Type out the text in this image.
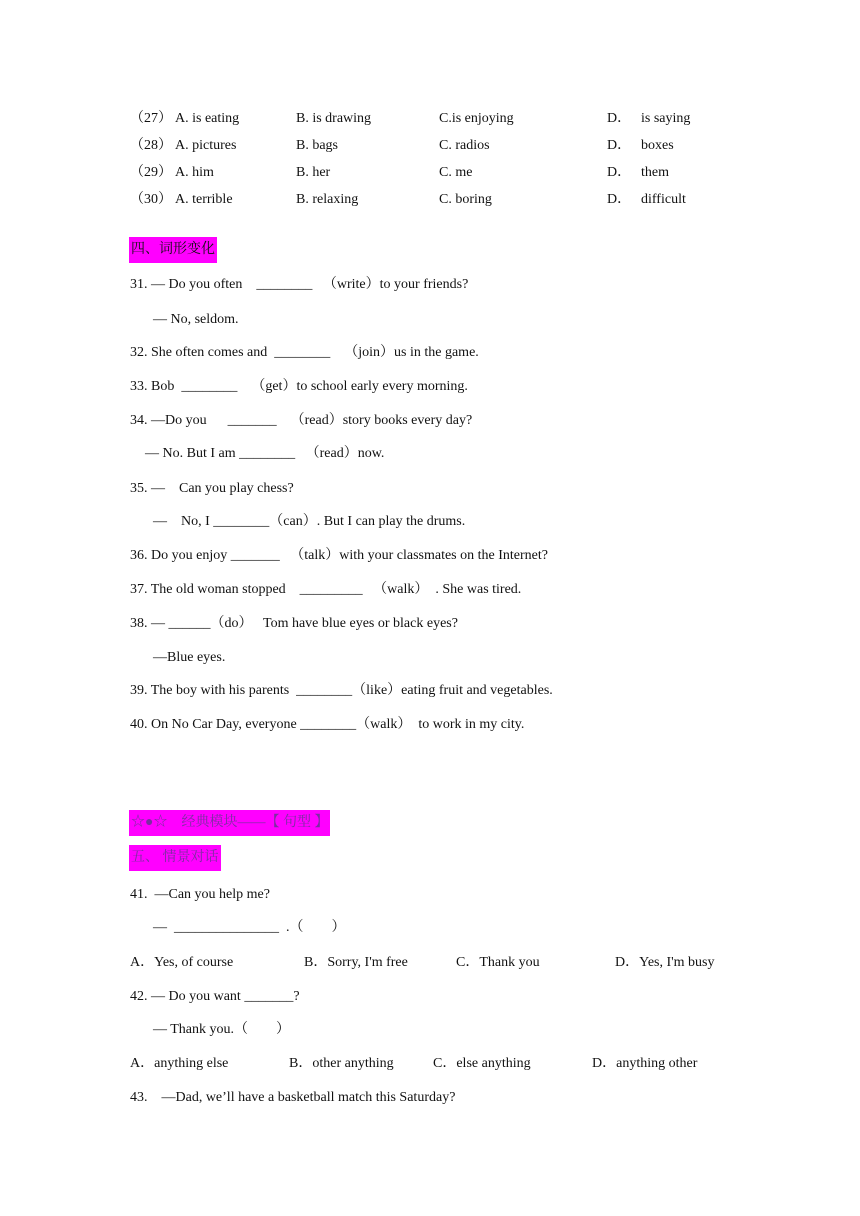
（27） A. is eating	B. is drawing	C.is enjoying	D． is saying
（28） A. pictures	B. bags	C. radios	D． boxes
（29） A. him	B. her	C. me	D． them
（30） A. terrible	B. relaxing	C. boring	D． difficult
四、词形变化
31. — Do you often    ________   （write）to your friends?
— No, seldom.
32. She often comes and  ________    （join）us in the game.
33. Bob  ________    （get）to school early every morning.
34. —Do you      _______    （read）story books every day?
— No. But I am ________   （read）now.
35. —    Can you play chess?
—    No, I ________（can）. But I can play the drums.
36. Do you enjoy _______   （talk）with your classmates on the Internet?
37. The old woman stopped    _________   （walk）  . She was tired.
38. — ______（do）   Tom have blue eyes or black eyes?
—Blue eyes.
39. The boy with his parents  ________（like）eating fruit and vegetables.
40. On No Car Day, everyone ________（walk）  to work in my city.
☆●☆    经典模块——【 句型 】
五、 情景对话
41.  —Can you help me?
—  _______________  .（        ）
A．Yes, of course	B．Sorry, I'm free	C．Thank you	D．Yes, I'm busy
42. — Do you want _______?
— Thank you.（        ）
A．anything else	B．other anything	C．else anything	D．anything other
43.    —Dad, we’ll have a basketball match this Saturday?
